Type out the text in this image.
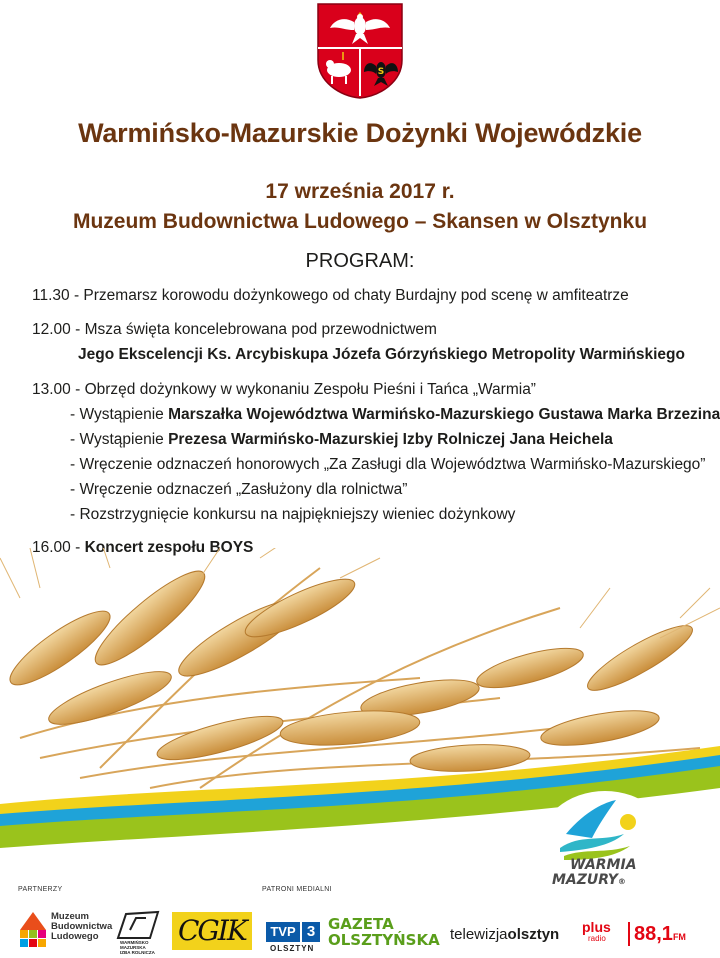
S
Warmińsko-Mazurskie Dożynki Wojewódzkie
17 września 2017 r.
Muzeum Budownictwa Ludowego – Skansen w Olsztynku
PROGRAM:
11.30 - Przemarsz korowodu dożynkowego od chaty Burdajny pod scenę w amfiteatrze
12.00 - Msza święta koncelebrowana pod przewodnictwem
Jego Ekscelencji Ks. Arcybiskupa Józefa Górzyńskiego Metropolity Warmińskiego
13.00 - Obrzęd dożynkowy w wykonaniu Zespołu Pieśni i Tańca „Warmia”
- Wystąpienie Marszałka Województwa Warmińsko-Mazurskiego Gustawa Marka Brzezina
- Wystąpienie Prezesa Warmińsko-Mazurskiej Izby Rolniczej Jana Heichela
- Wręczenie odznaczeń honorowych „Za Zasługi dla Województwa Warmińsko-Mazurskiego”
- Wręczenie odznaczeń „Zasłużony dla rolnictwa”
- Rozstrzygnięcie konkursu na najpiękniejszy wieniec dożynkowy
16.00 - Koncert zespołu BOYS
WARMIA
MAZURY®
PARTNERZY	PATRONI MEDIALNI
Muzeum
Budownictwa
Ludowego
WARMIŃSKO
MAZURSKA
IZBA ROLNICZA
CGIK	TVP 3
OLSZTYN
GAZETA
OLSZTYŃSKA telewizjaolsztyn plus
radio 88,1FM
